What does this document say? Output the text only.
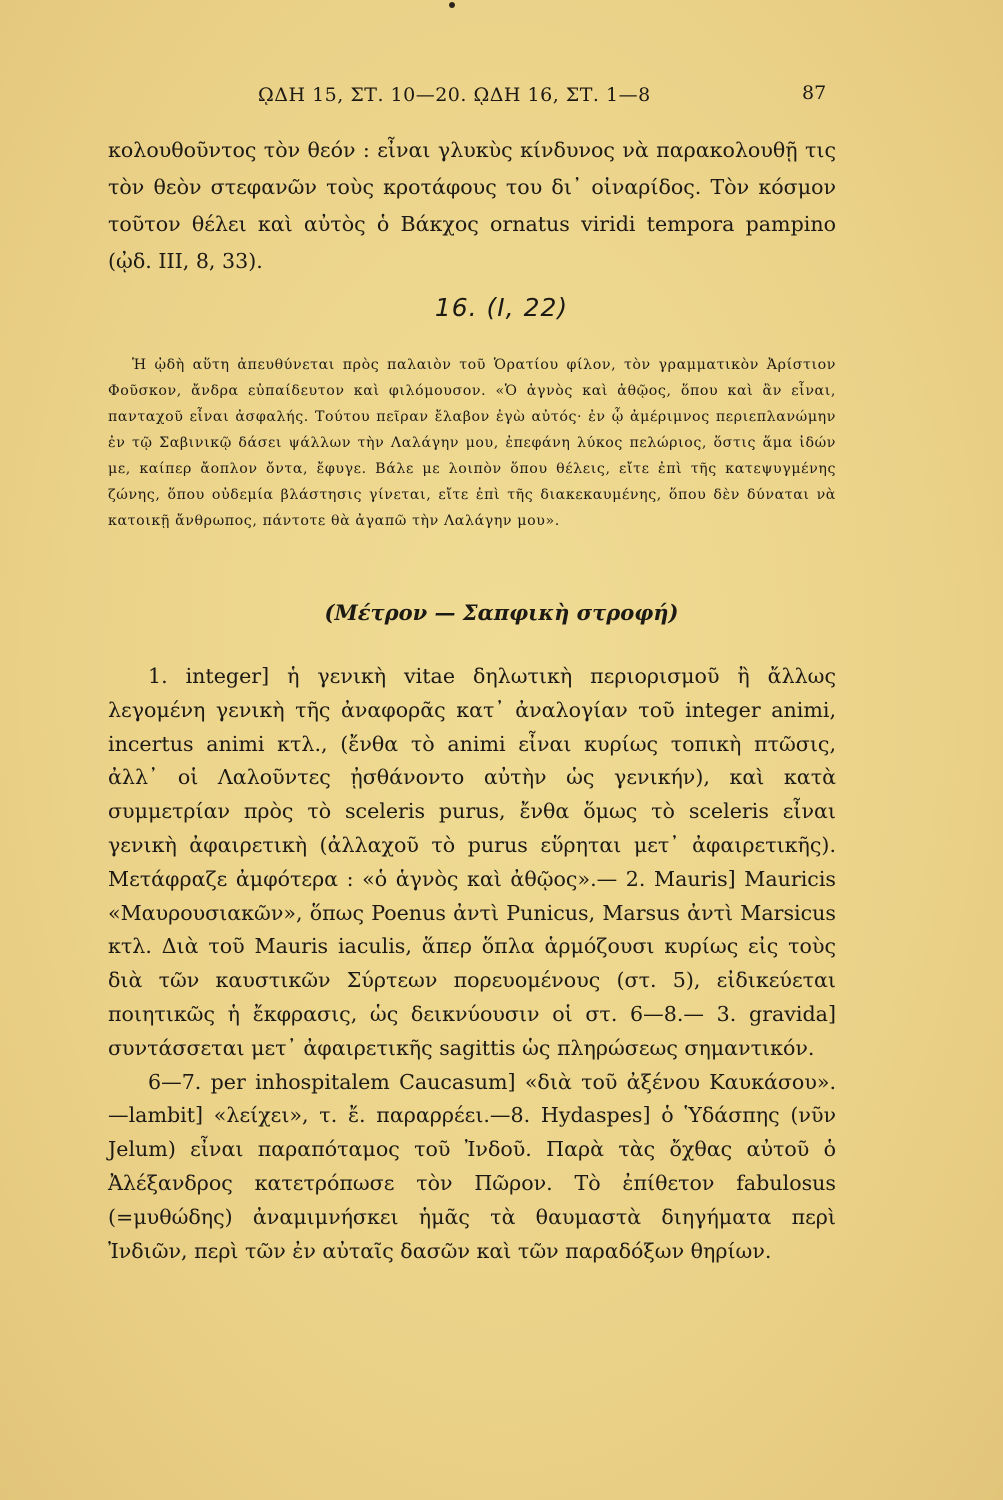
ῼΔΗ 15, ΣΤ. 10—20. ῼΔΗ 16, ΣΤ. 1—8	87
κολουθοῦντος τὸν θεόν : εἶναι γλυκὺς κίνδυνος νὰ παρακολουθῇ τις τὸν θεὸν στεφανῶν τοὺς κροτάφους του δι᾽ οἰναρίδος. Τὸν κόσμον τοῦτον θέλει καὶ αὐτὸς ὁ Βάκχος ornatus viridi tempora pampino (ᾠδ. III, 8, 33).
16. (I, 22)
Ἡ ᾠδὴ αὕτη ἀπευθύνεται πρὸς παλαιὸν τοῦ Ὁρατίου φίλον, τὸν γραμματικὸν Ἀρίστιον Φοῦσκον, ἄνδρα εὐπαίδευτον καὶ φιλόμουσον. «Ὁ ἁγνὸς καὶ ἀθῷος, ὅπου καὶ ἂν εἶναι, πανταχοῦ εἶναι ἀσφαλής. Τούτου πεῖραν ἔλαβον ἐγὼ αὐτός· ἐν ᾧ ἀμέριμνος περιεπλανώμην ἐν τῷ Σαβινικῷ δάσει ψάλλων τὴν Λαλάγην μου, ἐπεφάνη λύκος πελώριος, ὅστις ἅμα ἰδών με, καίπερ ἄοπλον ὄντα, ἔφυγε. Βάλε με λοιπὸν ὅπου θέλεις, εἴτε ἐπὶ τῆς κατεψυγμένης ζώνης, ὅπου οὐδεμία βλάστησις γίνεται, εἴτε ἐπὶ τῆς διακεκαυμένης, ὅπου δὲν δύναται νὰ κατοικῇ ἄνθρωπος, πάντοτε θὰ ἀγαπῶ τὴν Λαλάγην μου».
(Μέτρον — Σαπφικὴ στροφή)

1. integer] ἡ γενικὴ vitae δηλωτικὴ περιορισμοῦ ἢ ἄλλως λεγομένη γενικὴ τῆς ἀναφορᾶς κατ᾽ ἀναλογίαν τοῦ integer animi, incertus animi κτλ., (ἔνθα τὸ animi εἶναι κυρίως τοπικὴ πτῶσις, ἀλλ᾽ οἱ Λαλοῦντες ᾐσθάνοντο αὐτὴν ὡς γενικήν), καὶ κατὰ συμμετρίαν πρὸς τὸ sceleris purus, ἔνθα ὅμως τὸ sceleris εἶναι γενικὴ ἀφαιρετικὴ (ἀλλαχοῦ τὸ purus εὕρηται μετ᾽ ἀφαιρετικῆς). Μετάφραζε ἀμφότερα : «ὁ ἁγνὸς καὶ ἀθῷος».— 2. Mauris] Mauricis «Μαυρουσιακῶν», ὅπως Poenus ἀντὶ Punicus, Marsus ἀντὶ Marsicus κτλ. Διὰ τοῦ Mauris iaculis, ἅπερ ὅπλα ἁρμόζουσι κυρίως εἰς τοὺς διὰ τῶν καυστικῶν Σύρτεων πορευομένους (στ. 5), εἰδικεύεται ποιητικῶς ἡ ἔκφρασις, ὡς δεικνύουσιν οἱ στ. 6—8.— 3. gravida] συντάσσεται μετ᾽ ἀφαιρετικῆς sagittis ὡς πληρώσεως σημαντικόν.

6—7. per inhospitalem Caucasum] «διὰ τοῦ ἀξένου Καυκάσου».—lambit] «λείχει», τ. ἔ. παραρρέει.—8. Hydaspes] ὁ Ὑδάσπης (νῦν Jelum) εἶναι παραπόταμος τοῦ Ἰνδοῦ. Παρὰ τὰς ὄχθας αὐτοῦ ὁ Ἀλέξανδρος κατετρόπωσε τὸν Πῶρον. Τὸ ἐπίθετον fabulosus (=μυθώδης) ἀναμιμνήσκει ἡμᾶς τὰ θαυμαστὰ διηγήματα περὶ Ἰνδιῶν, περὶ τῶν ἐν αὐταῖς δασῶν καὶ τῶν παραδόξων θηρίων.
